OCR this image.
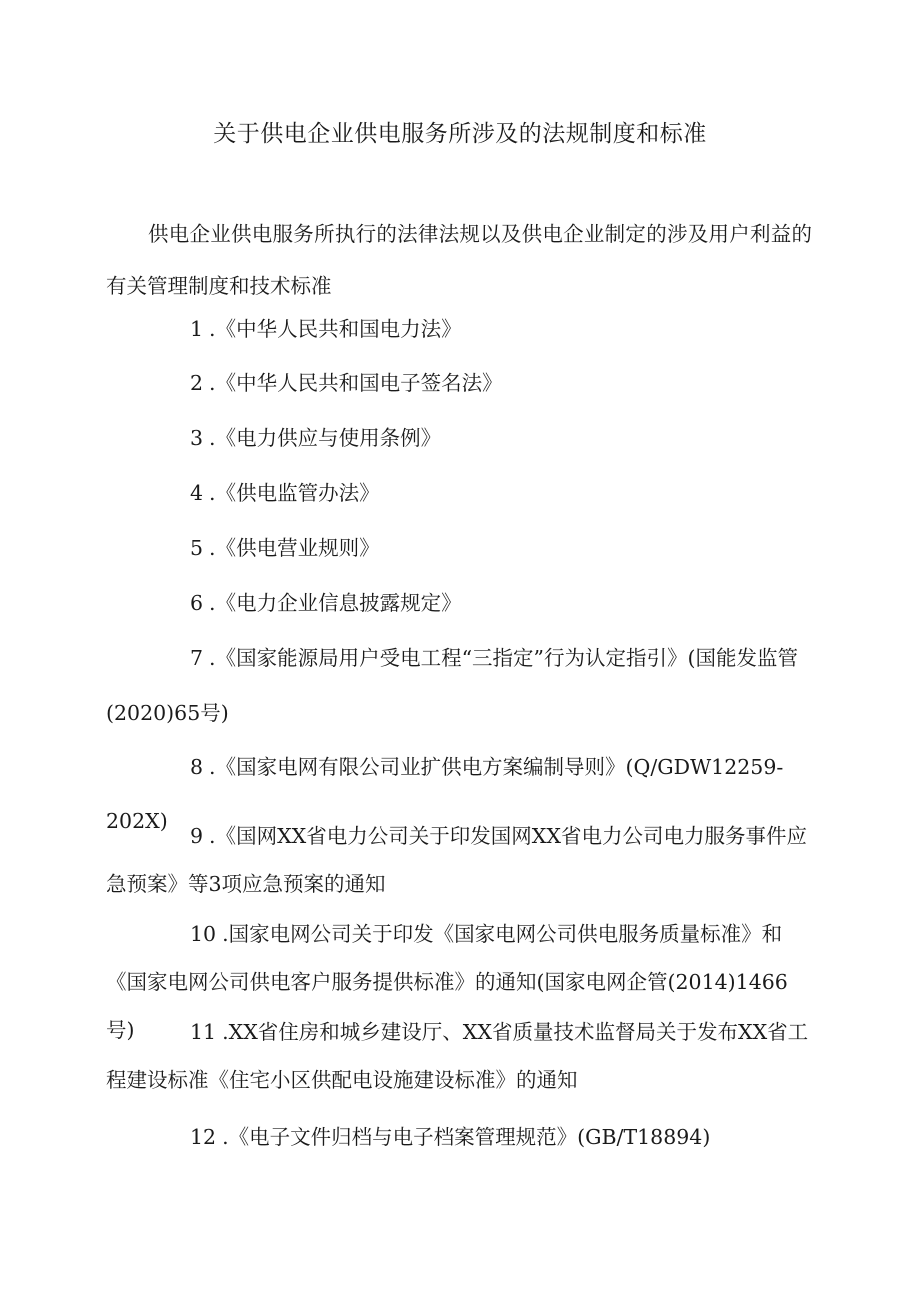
关于供电企业供电服务所涉及的法规制度和标准
供电企业供电服务所执行的法律法规以及供电企业制定的涉及用户利益的有关管理制度和技术标准
1 .《中华人民共和国电力法》
2 .《中华人民共和国电子签名法》
3 .《电力供应与使用条例》
4 .《供电监管办法》
5 .《供电营业规则》
6 .《电力企业信息披露规定》
7 .《国家能源局用户受电工程“三指定”行为认定指引》(国能发监管(2020)65号)
8 .《国家电网有限公司业扩供电方案编制导则》(Q/GDW12259-202X)
9 .《国网XX省电力公司关于印发国网XX省电力公司电力服务事件应急预案》等3项应急预案的通知
10 .国家电网公司关于印发《国家电网公司供电服务质量标准》和《国家电网公司供电客户服务提供标准》的通知(国家电网企管(2014)1466号)	11 .XX省住房和城乡建设厅、XX省质量技术监督局关于发布XX省工程建设标准《住宅小区供配电设施建设标准》的通知
12 .《电子文件归档与电子档案管理规范》(GB/T18894)
